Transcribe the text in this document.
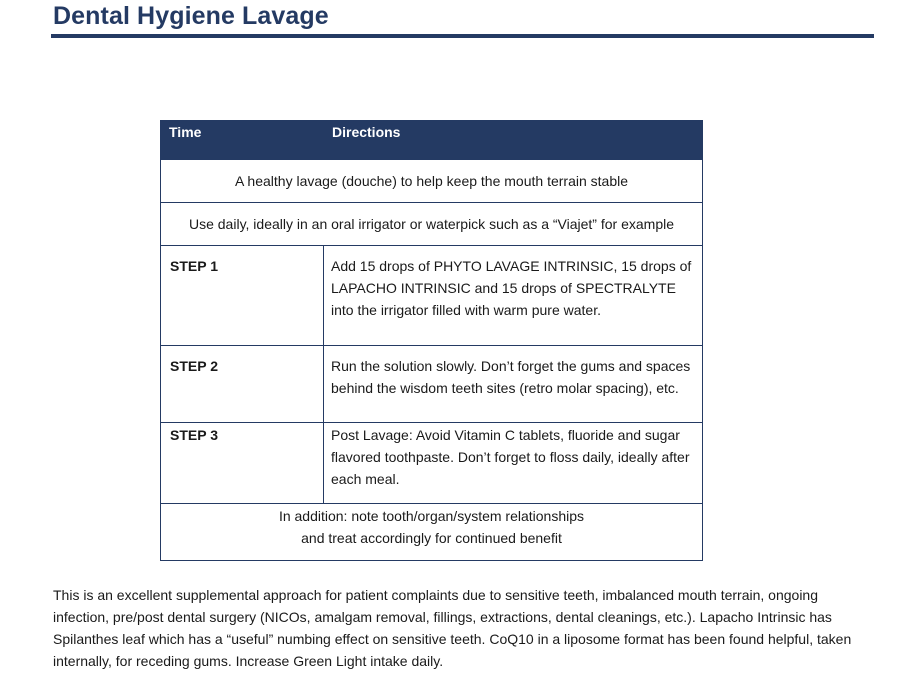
Dental Hygiene Lavage
Time	Directions
A healthy lavage (douche) to help keep the mouth terrain stable	
Use daily, ideally in an oral irrigator or waterpick such as a “Viajet” for example	
STEP 1	Add 15 drops of PHYTO LAVAGE INTRINSIC, 15 drops of LAPACHO INTRINSIC and 15 drops of SPECTRALYTE into the irrigator filled with warm pure water.
STEP 2	Run the solution slowly. Don’t forget the gums and spaces behind the wisdom teeth sites (retro molar spacing), etc.
STEP 3	Post Lavage: Avoid Vitamin C tablets, fluoride and sugar flavored toothpaste. Don’t forget to floss daily, ideally after each meal.

In addition: note tooth/organ/system relationships
and treat accordingly for continued benefit	

This is an excellent supplemental approach for patient complaints due to sensitive teeth, imbalanced mouth terrain, ongoing infection, pre/post dental surgery (NICOs, amalgam removal, fillings, extractions, dental cleanings, etc.). Lapacho Intrinsic has Spilanthes leaf which has a “useful” numbing effect on sensitive teeth. CoQ10 in a liposome format has been found helpful, taken internally, for receding gums. Increase Green Light intake daily.
